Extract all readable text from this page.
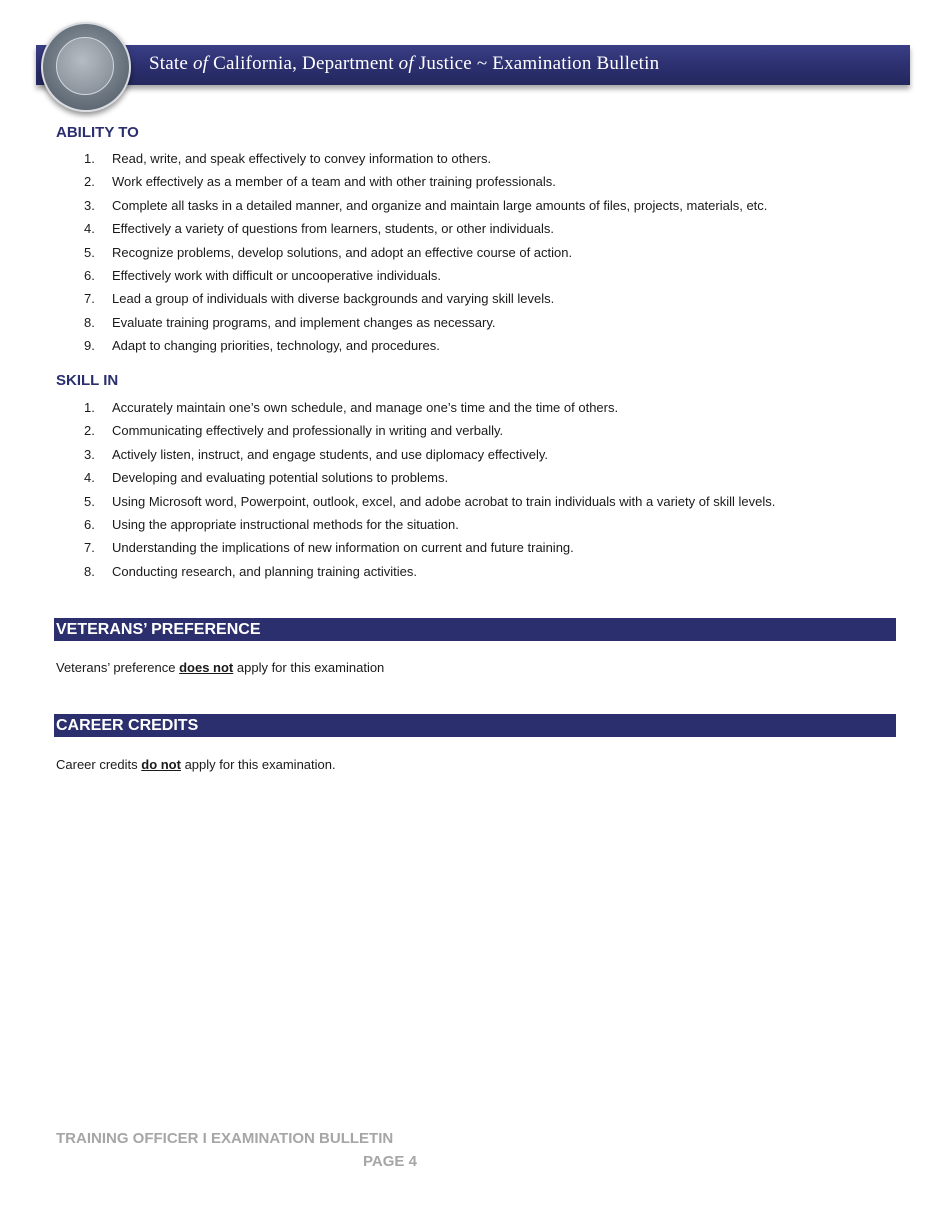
State of California, Department of Justice ~ Examination Bulletin
ABILITY TO
1. Read, write, and speak effectively to convey information to others.
2. Work effectively as a member of a team and with other training professionals.
3. Complete all tasks in a detailed manner, and organize and maintain large amounts of files, projects, materials, etc.
4. Effectively a variety of questions from learners, students, or other individuals.
5. Recognize problems, develop solutions, and adopt an effective course of action.
6. Effectively work with difficult or uncooperative individuals.
7. Lead a group of individuals with diverse backgrounds and varying skill levels.
8. Evaluate training programs, and implement changes as necessary.
9. Adapt to changing priorities, technology, and procedures.
SKILL IN
1. Accurately maintain one’s own schedule, and manage one’s time and the time of others.
2. Communicating effectively and professionally in writing and verbally.
3. Actively listen, instruct, and engage students, and use diplomacy effectively.
4. Developing and evaluating potential solutions to problems.
5. Using Microsoft word, Powerpoint, outlook, excel, and adobe acrobat to train individuals with a variety of skill levels.
6. Using the appropriate instructional methods for the situation.
7. Understanding the implications of new information on current and future training.
8. Conducting research, and planning training activities.
VETERANS’ PREFERENCE
Veterans’ preference does not apply for this examination
CAREER CREDITS
Career credits do not apply for this examination.
TRAINING OFFICER I EXAMINATION BULLETIN
PAGE 4
